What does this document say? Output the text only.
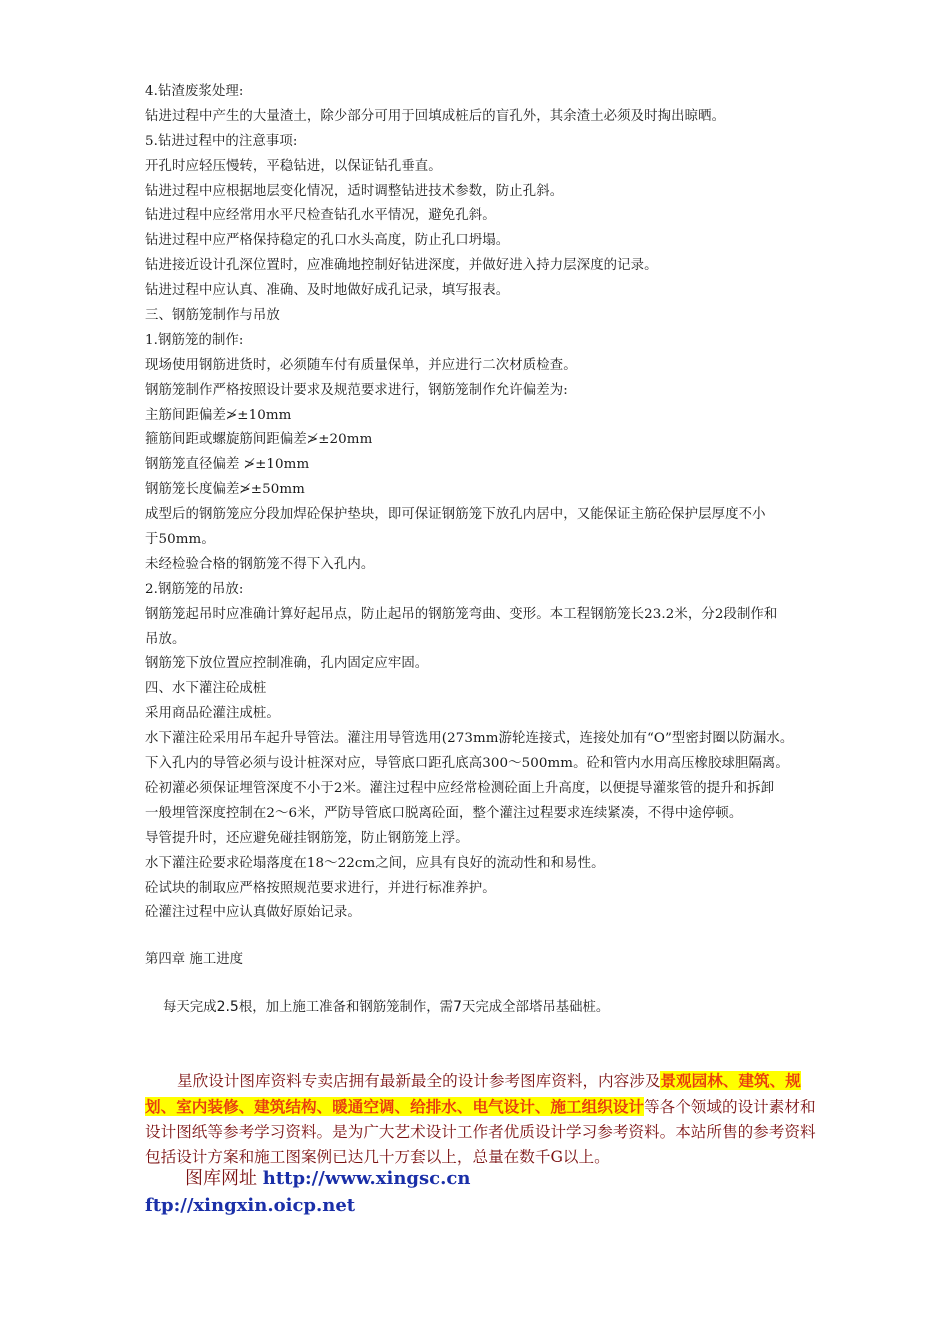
4.钻渣废浆处理:
钻进过程中产生的大量渣土，除少部分可用于回填成桩后的盲孔外，其余渣土必须及时掏出晾晒。
5.钻进过程中的注意事项:
开孔时应轻压慢转，平稳钻进，以保证钻孔垂直。
钻进过程中应根据地层变化情况，适时调整钻进技术参数，防止孔斜。
钻进过程中应经常用水平尺检查钻孔水平情况，避免孔斜。
钻进过程中应严格保持稳定的孔口水头高度，防止孔口坍塌。
钻进接近设计孔深位置时，应准确地控制好钻进深度，并做好进入持力层深度的记录。
钻进过程中应认真、准确、及时地做好成孔记录，填写报表。
三、钢筋笼制作与吊放
1.钢筋笼的制作:
现场使用钢筋进货时，必须随车付有质量保单，并应进行二次材质检查。
钢筋笼制作严格按照设计要求及规范要求进行，钢筋笼制作允许偏差为:
主筋间距偏差≯±10mm
箍筋间距或螺旋筋间距偏差≯±20mm
钢筋笼直径偏差 ≯±10mm
钢筋笼长度偏差≯±50mm
成型后的钢筋笼应分段加焊砼保护垫块，即可保证钢筋笼下放孔内居中，又能保证主筋砼保护层厚度不小
于50mm。
未经检验合格的钢筋笼不得下入孔内。
2.钢筋笼的吊放:
钢筋笼起吊时应准确计算好起吊点，防止起吊的钢筋笼弯曲、变形。本工程钢筋笼长23.2米，分2段制作和
吊放。
钢筋笼下放位置应控制准确，孔内固定应牢固。
四、水下灌注砼成桩
采用商品砼灌注成桩。
水下灌注砼采用吊车起升导管法。灌注用导管选用(273mm游轮连接式，连接处加有“O”型密封圈以防漏水。
下入孔内的导管必须与设计桩深对应，导管底口距孔底高300～500mm。砼和管内水用高压橡胶球胆隔离。
砼初灌必须保证埋管深度不小于2米。灌注过程中应经常检测砼面上升高度，以便提导灌浆管的提升和拆卸
一般埋管深度控制在2～6米，严防导管底口脱离砼面，整个灌注过程要求连续紧凑，不得中途停顿。
导管提升时，还应避免碰挂钢筋笼，防止钢筋笼上浮。
水下灌注砼要求砼塌落度在18～22cm之间，应具有良好的流动性和和易性。
砼试块的制取应严格按照规范要求进行，并进行标准养护。
砼灌注过程中应认真做好原始记录。
第四章 施工进度
每天完成2.5根，加上施工准备和钢筋笼制作，需7天完成全部塔吊基础桩。
星欣设计图库资料专卖店拥有最新最全的设计参考图库资料，内容涉及景观园林、建筑、规划、室内装修、建筑结构、暖通空调、给排水、电气设计、施工组织设计等各个领域的设计素材和设计图纸等参考学习资料。是为广大艺术设计工作者优质设计学习参考资料。本站所售的参考资料包括设计方案和施工图案例已达几十万套以上，总量在数千G以上。
图库网址 http://www.xingsc.cn
ftp://xingxin.oicp.net
